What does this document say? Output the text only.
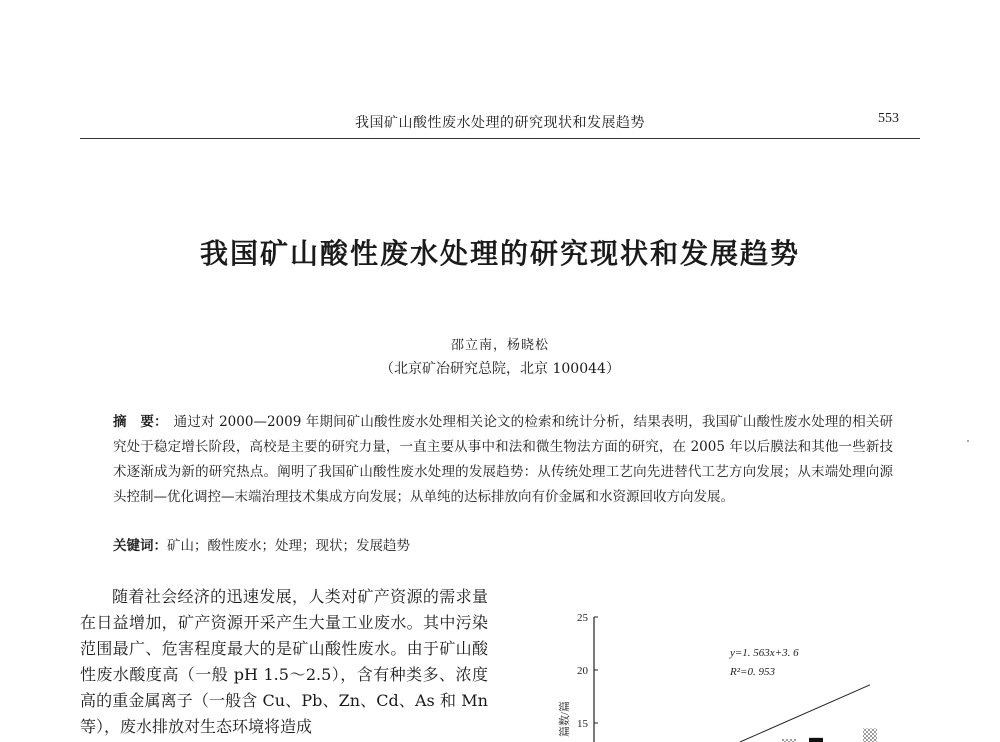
我国矿山酸性废水处理的研究现状和发展趋势	553
我国矿山酸性废水处理的研究现状和发展趋势
邵立南，杨晓松
（北京矿冶研究总院，北京 100044）
摘　要： 通过对 2000—2009 年期间矿山酸性废水处理相关论文的检索和统计分析，结果表明，我国矿山酸性废水处理的相关研究处于稳定增长阶段，高校是主要的研究力量，一直主要从事中和法和微生物法方面的研究，在 2005 年以后膜法和其他一些新技术逐渐成为新的研究热点。阐明了我国矿山酸性废水处理的发展趋势：从传统处理工艺向先进替代工艺方向发展；从末端处理向源头控制—优化调控—末端治理技术集成方向发展；从单纯的达标排放向有价金属和水资源回收方向发展。
关键词：矿山；酸性废水；处理；现状；发展趋势

随着社会经济的迅速发展，人类对矿产资源的需求量在日益增加，矿产资源开采产生大量工业废水。其中污染范围最广、危害程度最大的是矿山酸性废水。由于矿山酸性废水酸度高（一般 pH 1.5～2.5），含有种类多、浓度高的重金属离子（一般含 Cu、Pb、Zn、Cd、As 和 Mn 等），废水排放对生态环境将造成

25
20
15
篇数/篇
y=1. 563x+3. 6
R²=0. 953
